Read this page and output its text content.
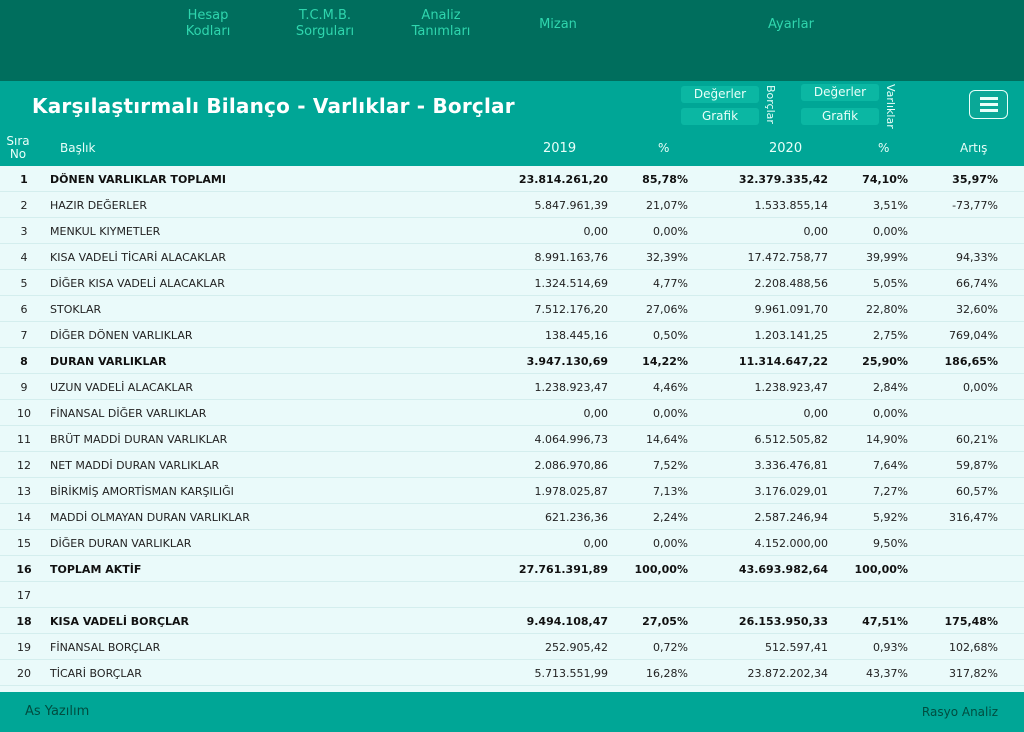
Hesap
Kodları
T.C.M.B.
Sorguları
Analiz
Tanımları	Mizan	Ayarlar
Karşılaştırmalı Bilanço - Varlıklar - Borçlar	Değerler
Grafik	Borçlar	Değerler
Grafik	Varlıklar
Sıra
No	Başlık	2019	%	2020	%	Artış
1	DÖNEN VARLIKLAR TOPLAMI	23.814.261,20	85,78%	32.379.335,42	74,10%	35,97%
2	HAZIR DEĞERLER	5.847.961,39	21,07%	1.533.855,14	3,51%	-73,77%
3	MENKUL KIYMETLER	0,00	0,00%	0,00	0,00%
4	KISA VADELİ TİCARİ ALACAKLAR	8.991.163,76	32,39%	17.472.758,77	39,99%	94,33%
5	DİĞER KISA VADELİ ALACAKLAR	1.324.514,69	4,77%	2.208.488,56	5,05%	66,74%
6	STOKLAR	7.512.176,20	27,06%	9.961.091,70	22,80%	32,60%
7	DİĞER DÖNEN VARLIKLAR	138.445,16	0,50%	1.203.141,25	2,75%	769,04%
8	DURAN VARLIKLAR	3.947.130,69	14,22%	11.314.647,22	25,90%	186,65%
9	UZUN VADELİ ALACAKLAR	1.238.923,47	4,46%	1.238.923,47	2,84%	0,00%
10	FİNANSAL DİĞER VARLIKLAR	0,00	0,00%	0,00	0,00%
11	BRÜT MADDİ DURAN VARLIKLAR	4.064.996,73	14,64%	6.512.505,82	14,90%	60,21%
12	NET MADDİ DURAN VARLIKLAR	2.086.970,86	7,52%	3.336.476,81	7,64%	59,87%
13	BİRİKMİŞ AMORTİSMAN KARŞILIĞI	1.978.025,87	7,13%	3.176.029,01	7,27%	60,57%
14	MADDİ OLMAYAN DURAN VARLIKLAR	621.236,36	2,24%	2.587.246,94	5,92%	316,47%
15	DİĞER DURAN VARLIKLAR	0,00	0,00%	4.152.000,00	9,50%
16	TOPLAM AKTİF	27.761.391,89 100,00%	43.693.982,64 100,00%
17
18	KISA VADELİ BORÇLAR	9.494.108,47	27,05%	26.153.950,33	47,51%	175,48%
19	FİNANSAL BORÇLAR	252.905,42	0,72%	512.597,41	0,93%	102,68%
20	TİCARİ BORÇLAR	5.713.551,99	16,28%	23.872.202,34	43,37%	317,82%
As Yazılım	Rasyo Analiz
